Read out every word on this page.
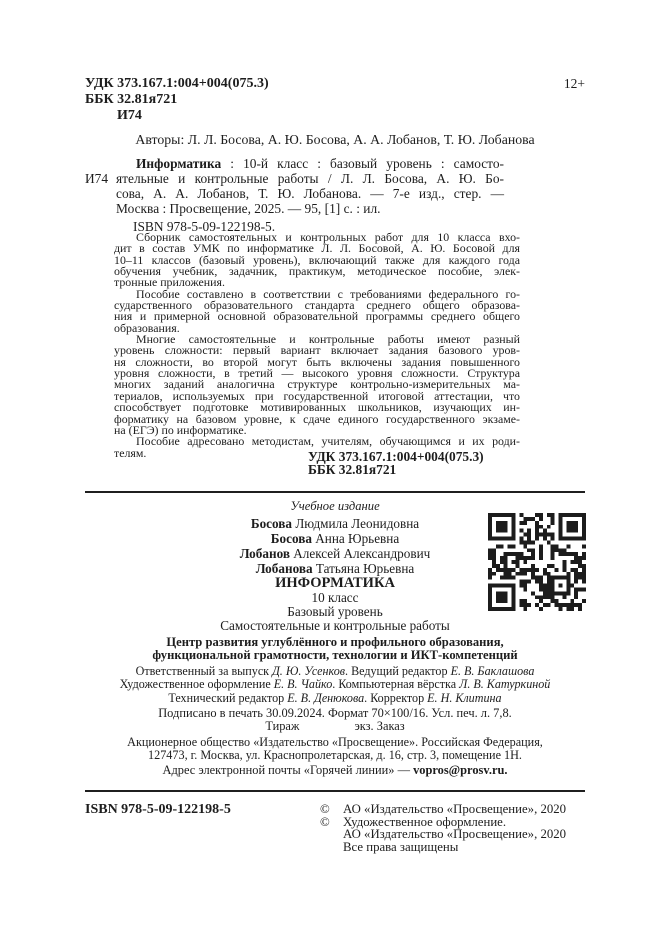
УДК 373.167.1:004+004(075.3)	12+
ББК 32.81я721
И74
Авторы: Л. Л. Босова, А. Ю. Босова, А. А. Лобанов, Т. Ю. Лобанова
И74
Информатика : 10-й класс : базовый уровень : самосто-
ятельные и контрольные работы / Л. Л. Босова, А. Ю. Бо-
сова, А. А. Лобанов, Т. Ю. Лобанова. — 7-е изд., стер. —
Москва : Просвещение, 2025. — 95, [1] с. : ил.
ISBN 978-5-09-122198-5.
Сборник самостоятельных и контрольных работ для 10 класса вхо-
дит в состав УМК по информатике Л. Л. Босовой, А. Ю. Босовой для
10–11 классов (базовый уровень), включающий также для каждого года
обучения учебник, задачник, практикум, методическое пособие, элек-
тронные приложения.
Пособие составлено в соответствии с требованиями федерального го-
сударственного образовательного стандарта среднего общего образова-
ния и примерной основной образовательной программы среднего общего
образования.
Многие самостоятельные и контрольные работы имеют разный
уровень сложности: первый вариант включает задания базового уров-
ня сложности, во второй могут быть включены задания повышенного
уровня сложности, в третий — высокого уровня сложности. Структура
многих заданий аналогична структуре контрольно-измерительных ма-
териалов, используемых при государственной итоговой аттестации, что
способствует подготовке мотивированных школьников, изучающих ин-
форматику на базовом уровне, к сдаче единого государственного экзаме-
на (ЕГЭ) по информатике.
Пособие адресовано методистам, учителям, обучающимся и их роди-
телям.	УДК 373.167.1:004+004(075.3)
ББК 32.81я721
Учебное издание
Босова Людмила Леонидовна
Босова Анна Юрьевна
Лобанов Алексей Александрович
Лобанова Татьяна Юрьевна
ИНФОРМАТИКА
10 класс
Базовый уровень
Самостоятельные и контрольные работы
Центр развития углублённого и профильного образования,
функциональной грамотности, технологии и ИКТ-компетенций
Ответственный за выпуск Д. Ю. Усенков. Ведущий редактор Е. В. Баклашова
Художественное оформление Е. В. Чайко. Компьютерная вёрстка Л. В. Катуркиной
Технический редактор Е. В. Денюкова. Корректор Е. Н. Клитина
Подписано в печать 30.09.2024. Формат 70×100/16. Усл. печ. л. 7,8.
Тираж	экз. Заказ
Акционерное общество «Издательство «Просвещение». Российская Федерация,
127473, г. Москва, ул. Краснопролетарская, д. 16, стр. 3, помещение 1Н.
Адрес электронной почты «Горячей линии» — vopros@prosv.ru.
ISBN 978-5-09-122198-5	©	АО «Издательство «Просвещение», 2020
©	Художественное оформление.
АО «Издательство «Просвещение», 2020
Все права защищены
